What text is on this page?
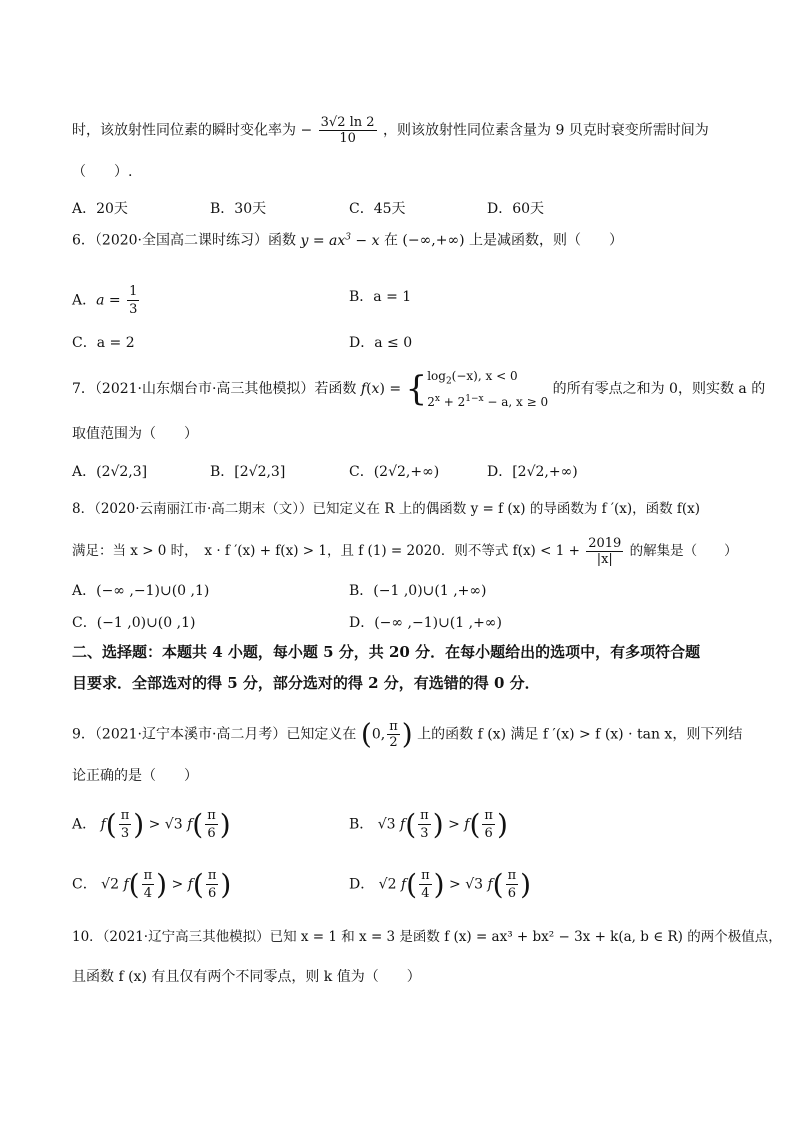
时，该放射性同位素的瞬时变化率为 − $\frac{3√2 \ln 2}{10}$ ，则该放射性同位素含量为 9 贝克时衰变所需时间为
（　　）.
A．20天	B．30天	C．45天	D．60天
6．（2020·全国高二课时练习）函数 $y = ax^3 - x$ 在 (−∞,+∞) 上是减函数，则（　　）
A．$a = \frac{1}{3}$	B．a = 1
C．a = 2	D．a ≤ 0
7．（2021·山东烟台市·高三其他模拟）若函数 $f(x) = \{\log_2(-x)$, x < 0
$2^x + 2^{1-x} - a$, x ≥ 0 的所有零点之和为 0，则实数 a 的
取值范围为（　　）
A．(2√2,3]	B．[2√2,3]	C．(2√2,+∞)	D．[2√2,+∞)
8．（2020·云南丽江市·高二期末（文））已知定义在 R 上的偶函数 y = f (x) 的导函数为 f ′(x)，函数 f(x)
满足：当 x > 0 时，　x · f ′(x) + f(x) > 1，且 f (1) = 2020．则不等式 $f(x) < 1 + \frac{2019}{|x|}$ 的解集是（　　）
A．(−∞ ,−1)∪(0 ,1)	B．(−1 ,0)∪(1 ,+∞)
C．(−1 ,0)∪(0 ,1)	D．(−∞ ,−1)∪(1 ,+∞)
二、选择题：本题共 4 小题，每小题 5 分，共 20 分．在每小题给出的选项中，有多项符合题
目要求．全部选对的得 5 分，部分选对的得 2 分，有选错的得 0 分．
9．（2021·辽宁本溪市·高二月考）已知定义在 (0, $\frac{\pi}{2}$ ) 上的函数 f (x) 满足 f ′(x) > f (x) · tan x，则下列结
论正确的是（　　）
A． $f( \frac{\pi}{3}$ ) > √3 $f( \frac{\pi}{6}$ )	B． √3 $f( \frac{\pi}{3}$ ) > $f( \frac{\pi}{6}$ )
C． √2 $f( \frac{\pi}{4}$ ) > $f( \frac{\pi}{6}$ )	D． √2 $f( \frac{\pi}{4}$ ) > √3 $f( \frac{\pi}{6}$ )
10．（2021·辽宁高三其他模拟）已知 x = 1 和 x = 3 是函数 f (x) = ax³ + bx² − 3x + k(a, b ∈ R) 的两个极值点，
且函数 f (x) 有且仅有两个不同零点，则 k 值为（　　）
